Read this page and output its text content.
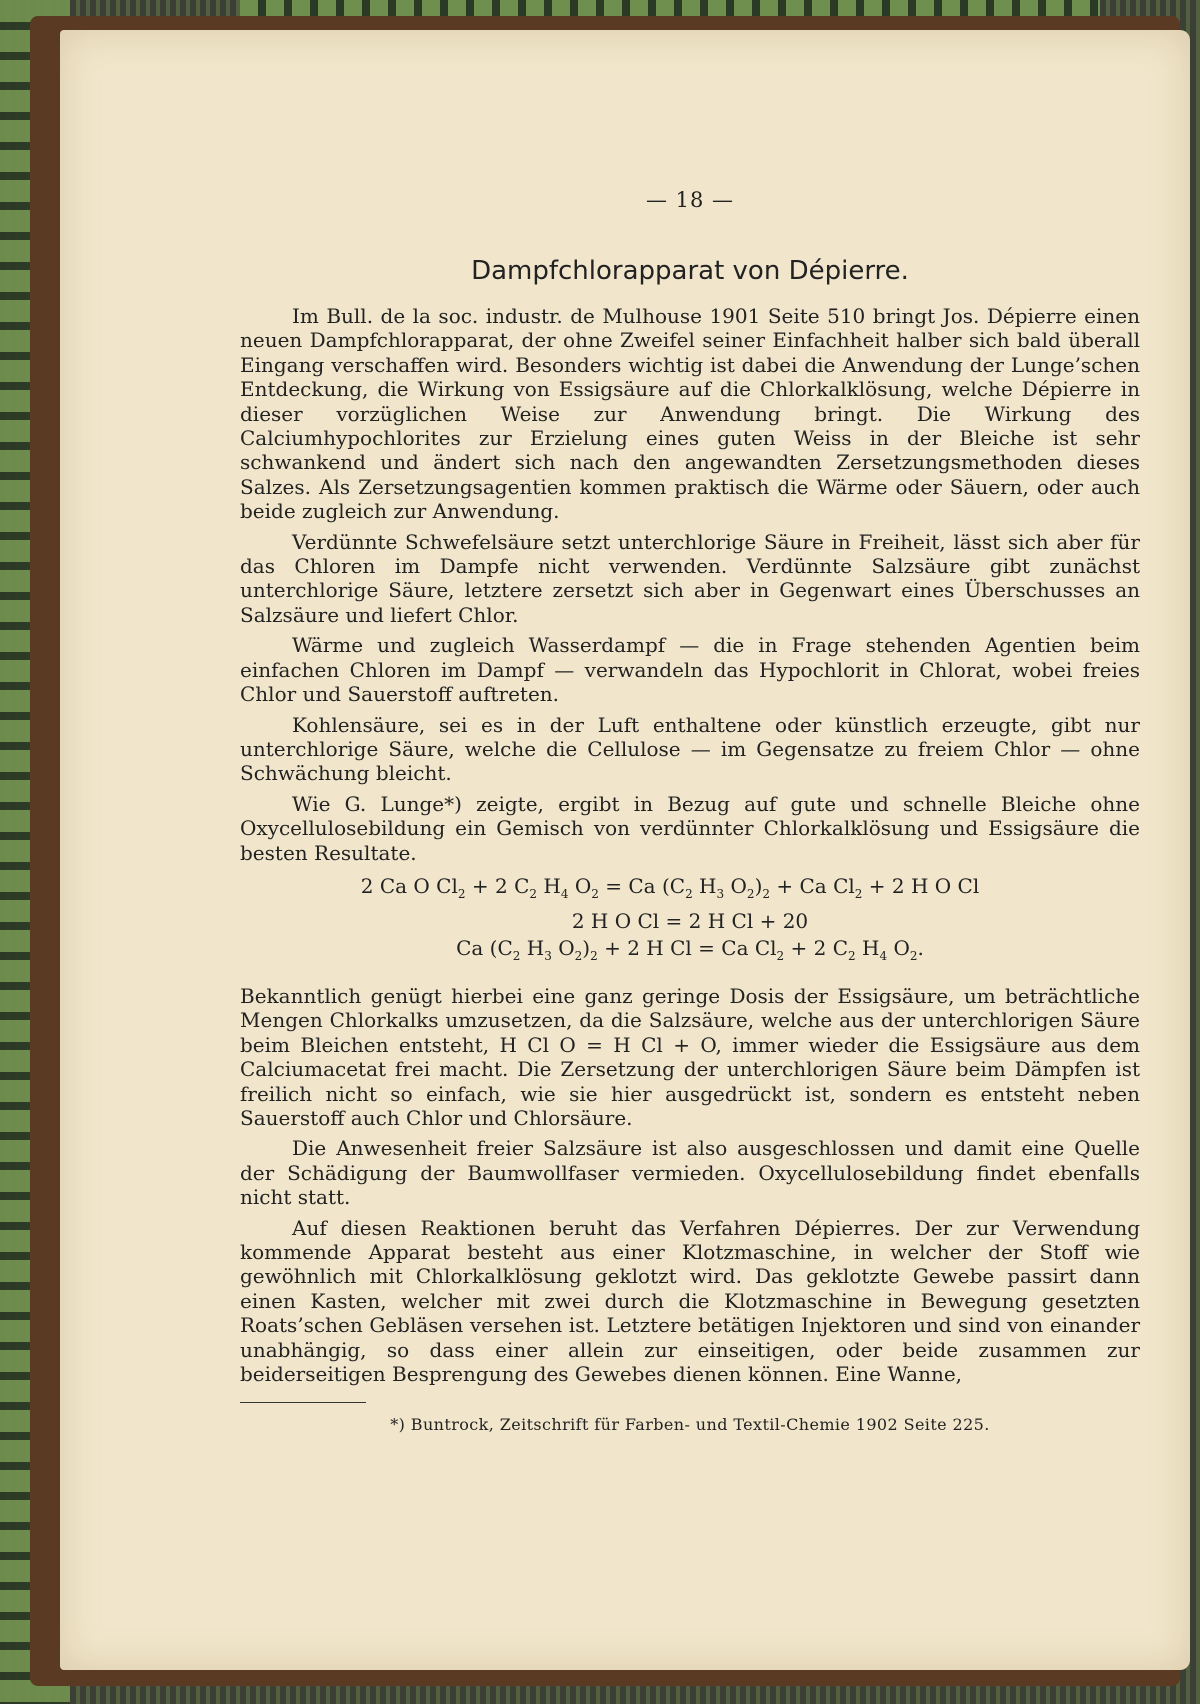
— 18 —
Dampfchlorapparat von Dépierre.

Im Bull. de la soc. industr. de Mulhouse 1901 Seite 510 bringt Jos. Dépierre einen neuen Dampfchlorapparat, der ohne Zweifel seiner Einfachheit halber sich bald überall Eingang verschaffen wird. Besonders wichtig ist dabei die Anwendung der Lunge’schen Entdeckung, die Wirkung von Essigsäure auf die Chlorkalklösung, welche Dépierre in dieser vorzüglichen Weise zur Anwendung bringt. Die Wirkung des Calciumhypochlorites zur Erzielung eines guten Weiss in der Bleiche ist sehr schwankend und ändert sich nach den angewandten Zersetzungsmethoden dieses Salzes. Als Zersetzungsagentien kommen praktisch die Wärme oder Säuern, oder auch beide zugleich zur Anwendung.

Verdünnte Schwefelsäure setzt unterchlorige Säure in Freiheit, lässt sich aber für das Chloren im Dampfe nicht verwenden. Verdünnte Salzsäure gibt zunächst unterchlorige Säure, letztere zersetzt sich aber in Gegenwart eines Überschusses an Salzsäure und liefert Chlor.

Wärme und zugleich Wasserdampf — die in Frage stehenden Agentien beim einfachen Chloren im Dampf — verwandeln das Hypochlorit in Chlorat, wobei freies Chlor und Sauerstoff auftreten.

Kohlensäure, sei es in der Luft enthaltene oder künstlich erzeugte, gibt nur unterchlorige Säure, welche die Cellulose — im Gegensatze zu freiem Chlor — ohne Schwächung bleicht.

Wie G. Lunge*) zeigte, ergibt in Bezug auf gute und schnelle Bleiche ohne Oxycellulosebildung ein Gemisch von verdünnter Chlorkalklösung und Essigsäure die besten Resultate.

2 Ca O $Cl_2 + 2$ $C_2$ $H_4$ $O_2 = Ca$ ($C_2$ $H_3$ $O_2)_2 + Ca$ $Cl_2 + 2$ H O Cl
2 H O Cl = 2 H Cl + 20
Ca ($C_2$ $H_3$ $O_2)_2 + 2$ H Cl = Ca $Cl_2 + 2$ $C_2$ $H_4$ $O_2$.

Bekanntlich genügt hierbei eine ganz geringe Dosis der Essigsäure, um beträchtliche Mengen Chlorkalks umzusetzen, da die Salzsäure, welche aus der unterchlorigen Säure beim Bleichen entsteht, H Cl O = H Cl + O, immer wieder die Essigsäure aus dem Calciumacetat frei macht. Die Zersetzung der unterchlorigen Säure beim Dämpfen ist freilich nicht so einfach, wie sie hier ausgedrückt ist, sondern es entsteht neben Sauerstoff auch Chlor und Chlorsäure.

Die Anwesenheit freier Salzsäure ist also ausgeschlossen und damit eine Quelle der Schädigung der Baumwollfaser vermieden. Oxycellulosebildung findet ebenfalls nicht statt.

Auf diesen Reaktionen beruht das Verfahren Dépierres. Der zur Verwendung kommende Apparat besteht aus einer Klotzmaschine, in welcher der Stoff wie gewöhnlich mit Chlorkalklösung geklotzt wird. Das geklotzte Gewebe passirt dann einen Kasten, welcher mit zwei durch die Klotzmaschine in Bewegung gesetzten Roats’schen Gebläsen versehen ist. Letztere betätigen Injektoren und sind von einander unabhängig, so dass einer allein zur einseitigen, oder beide zusammen zur beiderseitigen Besprengung des Gewebes dienen können. Eine Wanne,

*) Buntrock, Zeitschrift für Farben- und Textil-Chemie 1902 Seite 225.
